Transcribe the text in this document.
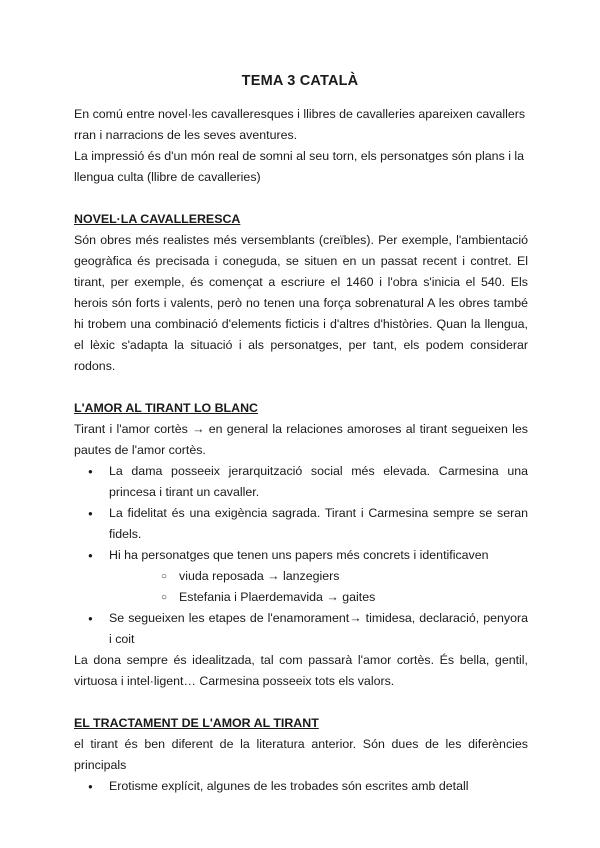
TEMA 3 CATALÀ

En comú entre novel·les cavalleresques i llibres de cavalleries apareixen cavallers rran i narracions de les seves aventures.

La impressió és d'un món real de somni al seu torn, els personatges són plans i la llengua culta (llibre de cavalleries)

NOVEL·LA CAVALLERESCA

Són obres més realistes més versemblants (creïbles). Per exemple, l'ambientació geogràfica és precisada i coneguda, se situen en un passat recent i contret. El tirant, per exemple, és començat a escriure el 1460 i l'obra s'inicia el 540. Els herois són forts i valents, però no tenen una força sobrenatural A les obres també hi trobem una combinació d'elements ficticis i d'altres d'històries. Quan la llengua, el lèxic s'adapta la situació i als personatges, per tant, els podem considerar rodons.

L'AMOR AL TIRANT LO BLANC

Tirant i l'amor cortès → en general la relaciones amoroses al tirant segueixen les pautes de l'amor cortès.

● La dama posseeix jerarquització social més elevada. Carmesina una princesa i tirant un cavaller.
● La fidelitat és una exigència sagrada. Tirant i Carmesina sempre se seran fidels.
● Hi ha personatges que tenen uns papers més concrets i identificaven
○ viuda reposada → lanzegiers
○ Estefania i Plaerdemavida → gaites
● Se segueixen les etapes de l'enamorament→ timidesa, declaració, penyora i coit

La dona sempre és idealitzada, tal com passarà l'amor cortès. És bella, gentil, virtuosa i intel·ligent… Carmesina posseeix tots els valors.

EL TRACTAMENT DE L'AMOR AL TIRANT

el tirant és ben diferent de la literatura anterior. Són dues de les diferències principals

● Erotisme explícit, algunes de les trobades són escrites amb detall
